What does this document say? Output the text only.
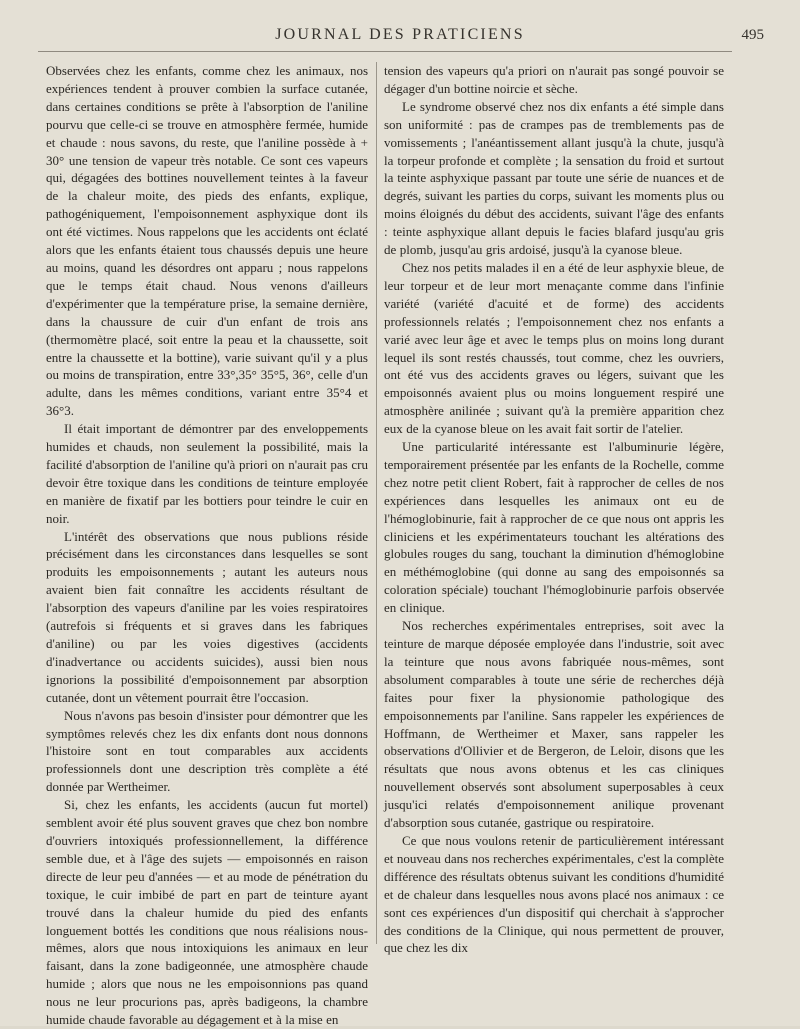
JOURNAL DES PRATICIENS	495

Observées chez les enfants, comme chez les animaux, nos expériences tendent à prouver combien la surface cutanée, dans certaines conditions se prête à l'absorption de l'aniline pourvu que celle-ci se trouve en atmosphère fermée, humide et chaude : nous savons, du reste, que l'aniline possède à + 30° une tension de vapeur très notable. Ce sont ces vapeurs qui, dégagées des bottines nouvellement teintes à la faveur de la chaleur moite, des pieds des enfants, explique, pathogéniquement, l'empoisonnement asphyxique dont ils ont été victimes. Nous rappelons que les accidents ont éclaté alors que les enfants étaient tous chaussés depuis une heure au moins, quand les désordres ont apparu ; nous rappelons que le temps était chaud. Nous venons d'ailleurs d'expérimenter que la température prise, la semaine dernière, dans la chaussure de cuir d'un enfant de trois ans (thermomètre placé, soit entre la peau et la chaussette, soit entre la chaussette et la bottine), varie suivant qu'il y a plus ou moins de transpiration, entre 33°,35° 35°5, 36°, celle d'un adulte, dans les mêmes conditions, variant entre 35°4 et 36°3.

Il était important de démontrer par des enveloppements humides et chauds, non seulement la possibilité, mais la facilité d'absorption de l'aniline qu'à priori on n'aurait pas cru devoir être toxique dans les conditions de teinture employée en manière de fixatif par les bottiers pour teindre le cuir en noir.

L'intérêt des observations que nous publions réside précisément dans les circonstances dans lesquelles se sont produits les empoisonnements ; autant les auteurs nous avaient bien fait connaître les accidents résultant de l'absorption des vapeurs d'aniline par les voies respiratoires (autrefois si fréquents et si graves dans les fabriques d'aniline) ou par les voies digestives (accidents d'inadvertance ou accidents suicides), aussi bien nous ignorions la possibilité d'empoisonnement par absorption cutanée, dont un vêtement pourrait être l'occasion.

Nous n'avons pas besoin d'insister pour démontrer que les symptômes relevés chez les dix enfants dont nous donnons l'histoire sont en tout comparables aux accidents professionnels dont une description très complète a été donnée par Wertheimer.

Si, chez les enfants, les accidents (aucun fut mortel) semblent avoir été plus souvent graves que chez bon nombre d'ouvriers intoxiqués professionnellement, la différence semble due, et à l'âge des sujets — empoisonnés en raison directe de leur peu d'années — et au mode de pénétration du toxique, le cuir imbibé de part en part de teinture ayant trouvé dans la chaleur humide du pied des enfants longuement bottés les conditions que nous réalisions nous-mêmes, alors que nous intoxiquions les animaux en leur faisant, dans la zone badigeonnée, une atmosphère chaude humide ; alors que nous ne les empoisonnions pas quand nous ne leur procurions pas, après badigeons, la chambre humide chaude favorable au dégagement et à la mise en

tension des vapeurs qu'a priori on n'aurait pas songé pouvoir se dégager d'un bottine noircie et sèche.

Le syndrome observé chez nos dix enfants a été simple dans son uniformité : pas de crampes pas de tremblements pas de vomissements ; l'anéantissement allant jusqu'à la chute, jusqu'à la torpeur profonde et complète ; la sensation du froid et surtout la teinte asphyxique passant par toute une série de nuances et de degrés, suivant les parties du corps, suivant les moments plus ou moins éloignés du début des accidents, suivant l'âge des enfants : teinte asphyxique allant depuis le facies blafard jusqu'au gris de plomb, jusqu'au gris ardoisé, jusqu'à la cyanose bleue.

Chez nos petits malades il en a été de leur asphyxie bleue, de leur torpeur et de leur mort menaçante comme dans l'infinie variété (variété d'acuité et de forme) des accidents professionnels relatés ; l'empoisonnement chez nos enfants a varié avec leur âge et avec le temps plus on moins long durant lequel ils sont restés chaussés, tout comme, chez les ouvriers, ont été vus des accidents graves ou légers, suivant que les empoisonnés avaient plus ou moins longuement respiré une atmosphère anilinée ; suivant qu'à la première apparition chez eux de la cyanose bleue on les avait fait sortir de l'atelier.

Une particularité intéressante est l'albuminurie légère, temporairement présentée par les enfants de la Rochelle, comme chez notre petit client Robert, fait à rapprocher de celles de nos expériences dans lesquelles les animaux ont eu de l'hémoglobinurie, fait à rapprocher de ce que nous ont appris les cliniciens et les expérimentateurs touchant les altérations des globules rouges du sang, touchant la diminution d'hémoglobine en méthémoglobine (qui donne au sang des empoisonnés sa coloration spéciale) touchant l'hémoglobinurie parfois observée en clinique.

Nos recherches expérimentales entreprises, soit avec la teinture de marque déposée employée dans l'industrie, soit avec la teinture que nous avons fabriquée nous-mêmes, sont absolument comparables à toute une série de recherches déjà faites pour fixer la physionomie pathologique des empoisonnements par l'aniline. Sans rappeler les expériences de Hoffmann, de Wertheimer et Maxer, sans rappeler les observations d'Ollivier et de Bergeron, de Leloir, disons que les résultats que nous avons obtenus et les cas cliniques nouvellement observés sont absolument superposables à ceux jusqu'ici relatés d'empoisonnement anilique provenant d'absorption sous cutanée, gastrique ou respiratoire.

Ce que nous voulons retenir de particulièrement intéressant et nouveau dans nos recherches expérimentales, c'est la complète différence des résultats obtenus suivant les conditions d'humidité et de chaleur dans lesquelles nous avons placé nos animaux : ce sont ces expériences d'un dispositif qui cherchait à s'approcher des conditions de la Clinique, qui nous permettent de prouver, que chez les dix
